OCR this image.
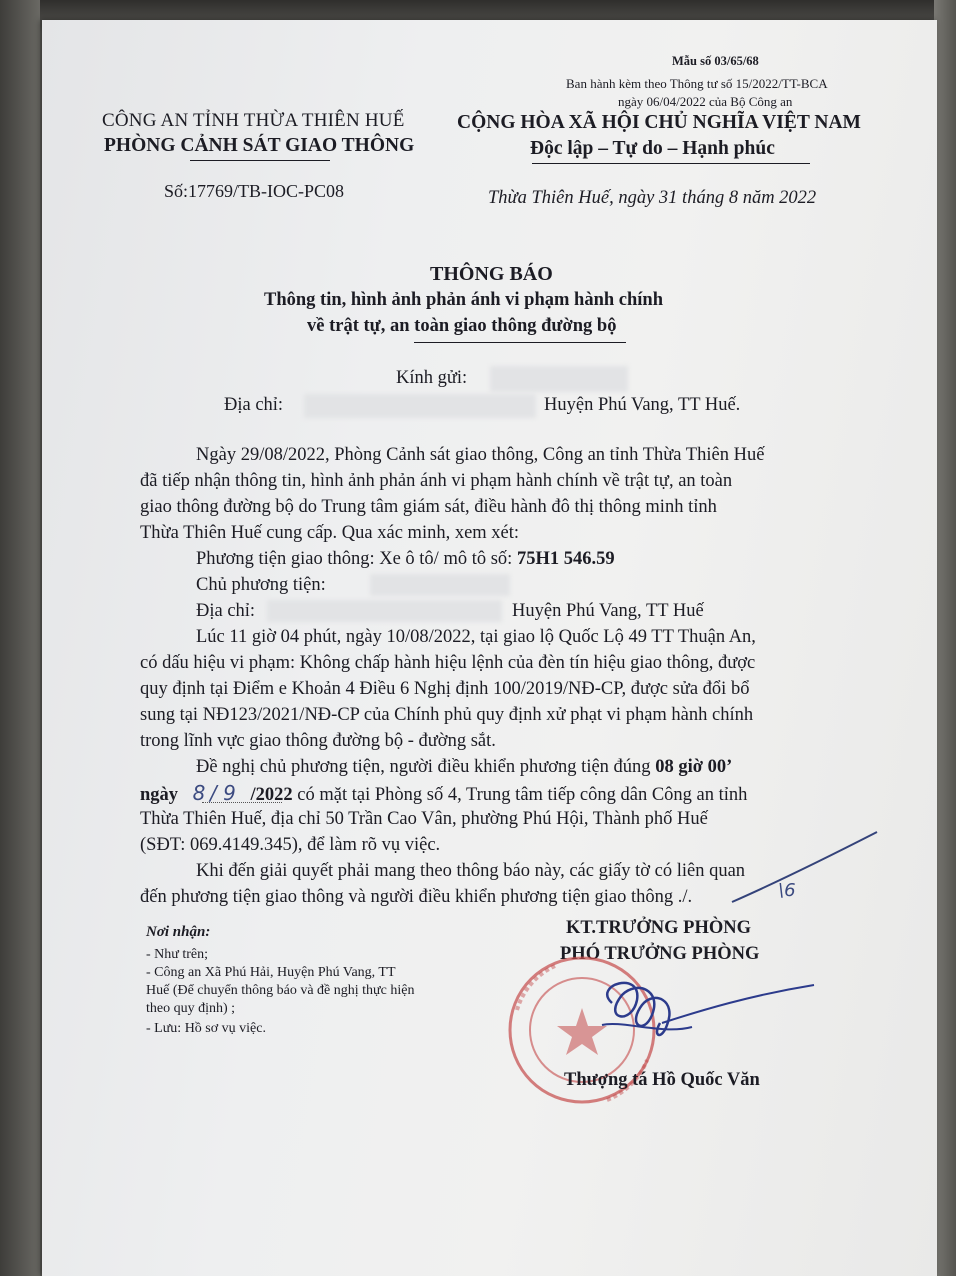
Mẫu số 03/65/68
Ban hành kèm theo Thông tư số 15/2022/TT-BCA
ngày 06/04/2022 của Bộ Công an
CÔNG AN TỈNH THỪA THIÊN HUẾ
PHÒNG CẢNH SÁT GIAO THÔNG
Số:17769/TB-IOC-PC08
CỘNG HÒA XÃ HỘI CHỦ NGHĨA VIỆT NAM
Độc lập – Tự do – Hạnh phúc
Thừa Thiên Huế, ngày 31 tháng 8 năm 2022
THÔNG BÁO
Thông tin, hình ảnh phản ánh vi phạm hành chính
về trật tự, an toàn giao thông đường bộ
Kính gửi:
Địa chỉ:	Huyện Phú Vang, TT Huế.
Ngày 29/08/2022, Phòng Cảnh sát giao thông, Công an tỉnh Thừa Thiên Huế
đã tiếp nhận thông tin, hình ảnh phản ánh vi phạm hành chính về trật tự, an toàn
giao thông đường bộ do Trung tâm giám sát, điều hành đô thị thông minh tỉnh
Thừa Thiên Huế cung cấp. Qua xác minh, xem xét:
Phương tiện giao thông: Xe ô tô/ mô tô số: 75H1 546.59
Chủ phương tiện:
Địa chỉ:	Huyện Phú Vang, TT Huế
Lúc 11 giờ 04 phút, ngày 10/08/2022, tại giao lộ Quốc Lộ 49 TT Thuận An,
có dấu hiệu vi phạm: Không chấp hành hiệu lệnh của đèn tín hiệu giao thông, được
quy định tại Điểm e Khoản 4 Điều 6 Nghị định 100/2019/NĐ-CP, được sửa đổi bổ
sung tại NĐ123/2021/NĐ-CP của Chính phủ quy định xử phạt vi phạm hành chính
trong lĩnh vực giao thông đường bộ - đường sắt.
Đề nghị chủ phương tiện, người điều khiển phương tiện đúng 08 giờ 00’
ngày 8 / 9 /2022 có mặt tại Phòng số 4, Trung tâm tiếp công dân Công an tỉnh
Thừa Thiên Huế, địa chỉ 50 Trần Cao Vân, phường Phú Hội, Thành phố Huế
(SĐT: 069.4149.345), để làm rõ vụ việc.
Khi đến giải quyết phải mang theo thông báo này, các giấy tờ có liên quan
đến phương tiện giao thông và người điều khiển phương tiện giao thông ./.	\6
Nơi nhận:
- Như trên;
- Công an Xã Phú Hải, Huyện Phú Vang, TT
Huế (Để chuyển thông báo và đề nghị thực hiện
theo quy định) ;
- Lưu: Hồ sơ vụ việc.
KT.TRƯỞNG PHÒNG
PHÓ TRƯỞNG PHÒNG
Thượng tá Hồ Quốc Văn
